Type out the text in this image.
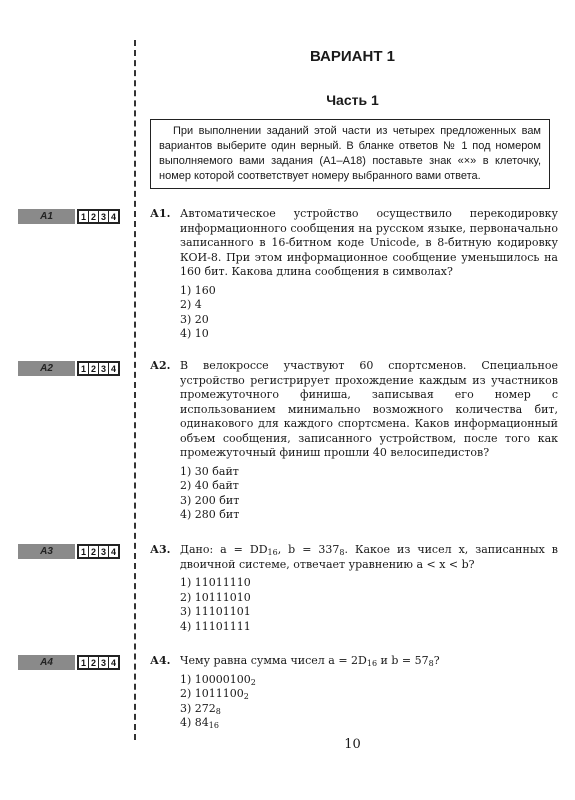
ВАРИАНТ 1
Часть 1
При выполнении заданий этой части из четырех предложенных вам вариантов выберите один верный. В бланке ответов № 1 под номером выполняемого вами задания (А1–А18) поставьте знак «×» в клеточку, номер которой соответствует номеру выбранного вами ответа.
A1	1 2 3 4	А1. Автоматическое устройство осуществило перекодировку информационного сообщения на русском языке, первоначально записанного в 16-битном коде Unicode, в 8-битную кодировку КОИ-8. При этом информационное сообщение уменьшилось на 160 бит. Какова длина сообщения в символах?
1) 160
2) 4
3) 20
4) 10
A2	1 2 3 4	А2. В велокроссе участвуют 60 спортсменов. Специальное устройство регистрирует прохождение каждым из участников промежуточного финиша, записывая его номер с использованием минимально возможного количества бит, одинакового для каждого спортсмена. Каков информационный объем сообщения, записанного устройством, после того как промежуточный финиш прошли 40 велосипедистов?
1) 30 байт
2) 40 байт
3) 200 бит
4) 280 бит
A3	1 2 3 4	А3. Дано: $a = DD_{16}$, $b = 337_8$. Какое из чисел x, записанных в двоичной системе, отвечает уравнению a < x < b?
1) 11011110
2) 10111010
3) 11101101
4) 11101111
A4	1 2 3 4	А4. Чему равна сумма чисел $a = 2D_{16}$ и $b = 57_8$?
1) $10000100_2$
2) $1011100_2$
3) $272_8$
4) $84_{16}$
10
